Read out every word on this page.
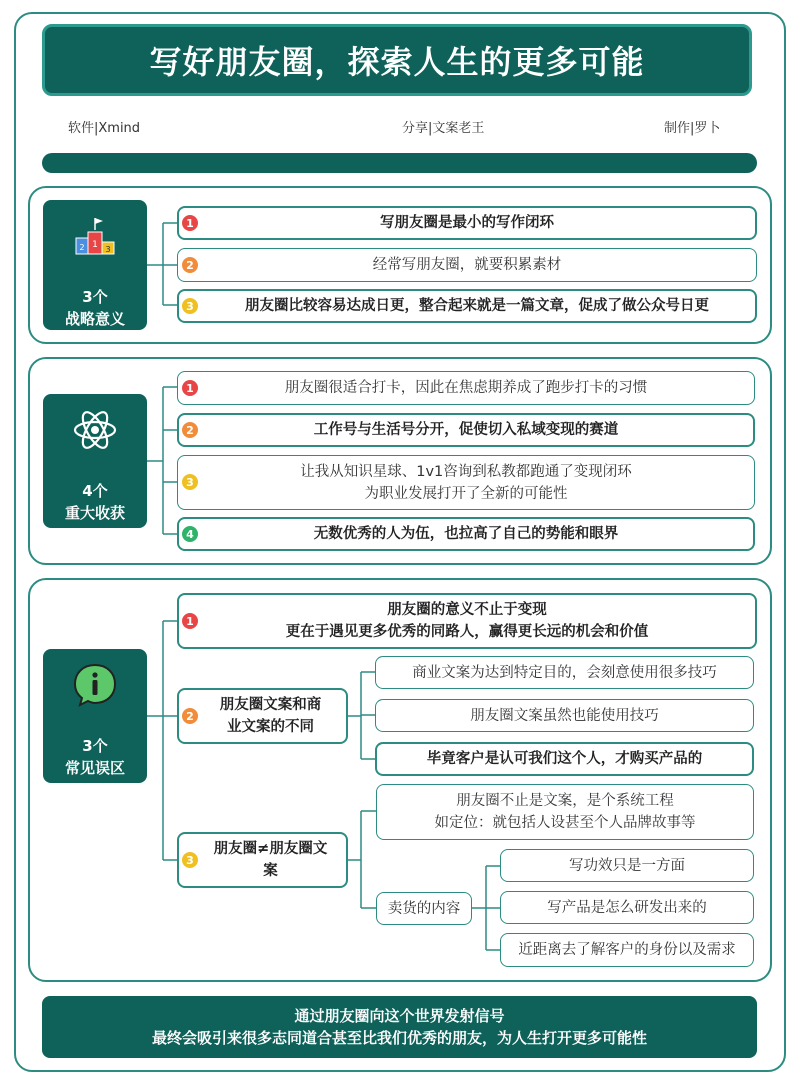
写好朋友圈，探索人生的更多可能
软件|Xmind	分享|文案老王	制作|罗卜
1
2	3
3个
战略意义
写朋友圈是最小的写作闭环
1
经常写朋友圈，就要积累素材
2
朋友圈比较容易达成日更，整合起来就是一篇文章，促成了做公众号日更
3
4个
重大收获
朋友圈很适合打卡，因此在焦虑期养成了跑步打卡的习惯
1
工作号与生活号分开，促使切入私域变现的赛道
2
让我从知识星球、1v1咨询到私教都跑通了变现闭环
为职业发展打开了全新的可能性
3
无数优秀的人为伍，也拉高了自己的势能和眼界
4
3个
常见误区
朋友圈的意义不止于变现
更在于遇见更多优秀的同路人，赢得更长远的机会和价值
1
朋友圈文案和商
业文案的不同
2
商业文案为达到特定目的，会刻意使用很多技巧
朋友圈文案虽然也能使用技巧
毕竟客户是认可我们这个人，才购买产品的
朋友圈≠朋友圈文
案
3
朋友圈不止是文案，是个系统工程
如定位：就包括人设甚至个人品牌故事等
卖货的内容
写功效只是一方面
写产品是怎么研发出来的
近距离去了解客户的身份以及需求
通过朋友圈向这个世界发射信号
最终会吸引来很多志同道合甚至比我们优秀的朋友，为人生打开更多可能性
